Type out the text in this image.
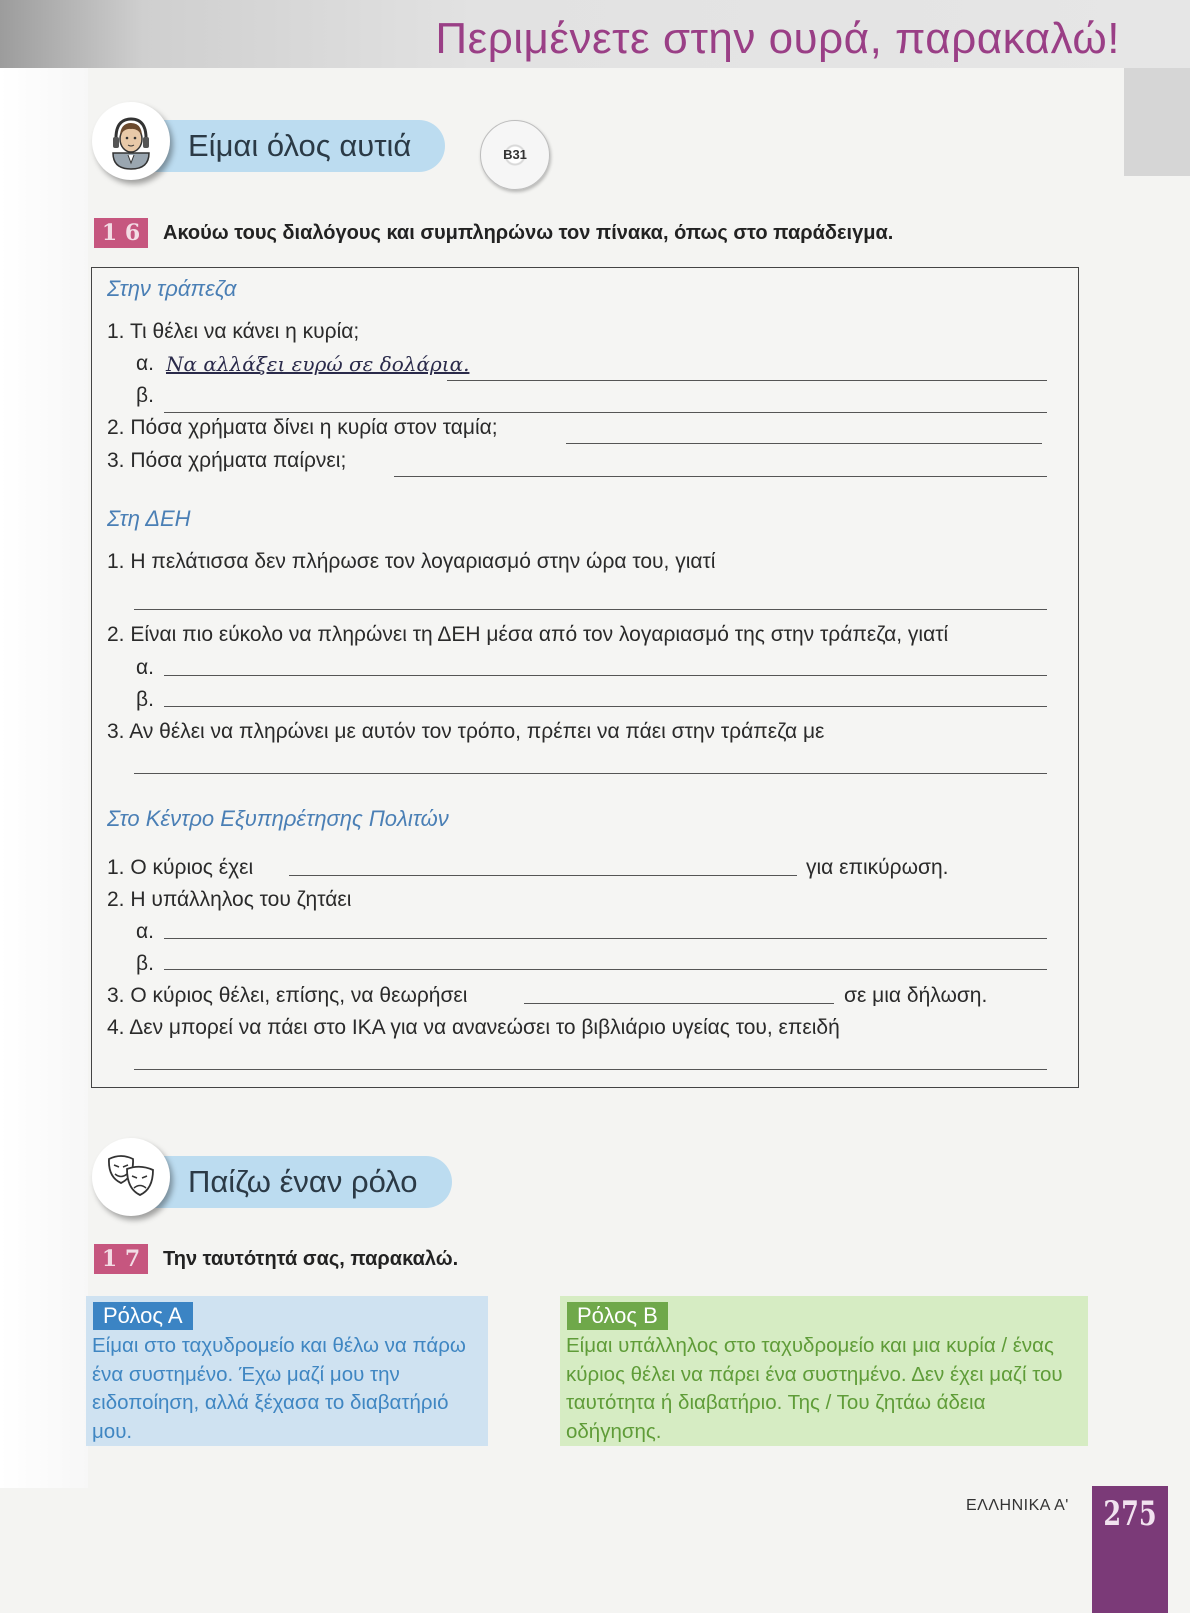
Περιμένετε στην ουρά, παρακαλώ!
Είμαι όλος αυτιά	B31
1 6	Ακούω τους διαλόγους και συμπληρώνω τον πίνακα, όπως στο παράδειγμα.
Στην τράπεζα
1. Τι θέλει να κάνει η κυρία;
α. Να αλλάξει ευρώ σε δολάρια.
β.
2. Πόσα χρήματα δίνει η κυρία στον ταμία;
3. Πόσα χρήματα παίρνει;
Στη ΔΕΗ
1. Η πελάτισσα δεν πλήρωσε τον λογαριασμό στην ώρα του, γιατί
2. Είναι πιο εύκολο να πληρώνει τη ΔΕΗ μέσα από τον λογαριασμό της στην τράπεζα, γιατί
α.
β.
3. Αν θέλει να πληρώνει με αυτόν τον τρόπο, πρέπει να πάει στην τράπεζα με
Στο Κέντρο Εξυπηρέτησης Πολιτών
1. Ο κύριος έχει	για επικύρωση.
2. Η υπάλληλος του ζητάει
α.
β.
3. Ο κύριος θέλει, επίσης, να θεωρήσει	σε μια δήλωση.
4. Δεν μπορεί να πάει στο ΙΚΑ για να ανανεώσει το βιβλιάριο υγείας του, επειδή
Παίζω έναν ρόλο
1 7	Την ταυτότητά σας, παρακαλώ.
Ρόλος Α
Είμαι στο ταχυδρομείο και θέλω να πάρω ένα συστημένο. Έχω μαζί μου την ειδοποίηση, αλλά ξέχασα το διαβατήριό μου.
Ρόλος Β
Είμαι υπάλληλος στο ταχυδρομείο και μια κυρία / ένας κύριος θέλει να πάρει ένα συστημένο. Δεν έχει μαζί του ταυτότητα ή διαβατήριο. Της / Του ζητάω άδεια οδήγησης.
ΕΛΛΗΝΙΚΑ Α' 275
